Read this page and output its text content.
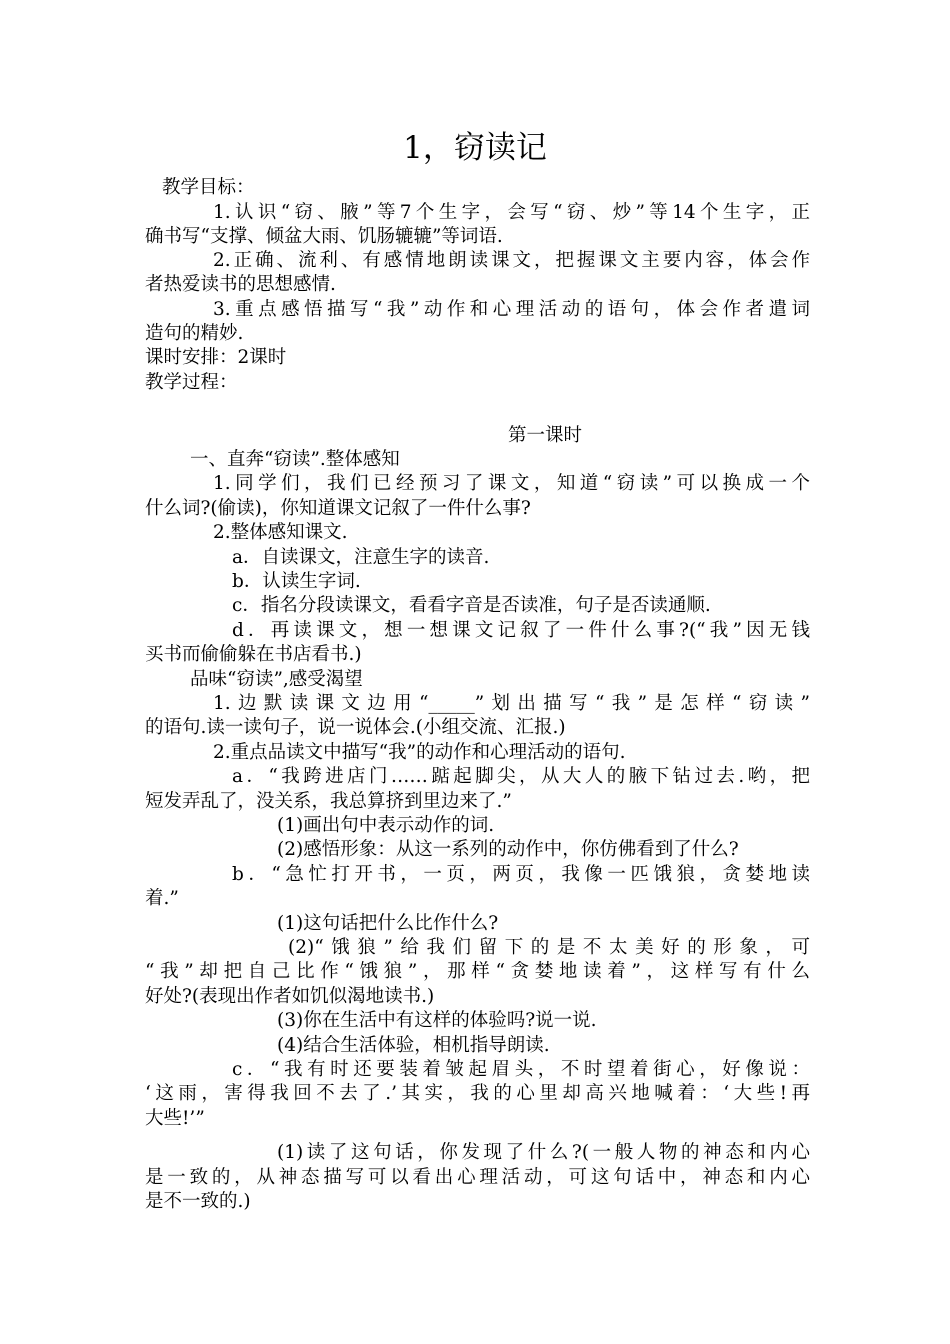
1，窃读记
教学目标：
1.认识“窃、腋”等7个生字，会写“窃、炒”等14个生字，正
确书写“支撑、倾盆大雨、饥肠辘辘”等词语.
2.正确、流利、有感情地朗读课文，把握课文主要内容，体会作
者热爱读书的思想感情.
3.重点感悟描写“我”动作和心理活动的语句，体会作者遣词
造句的精妙.
课时安排：2课时
教学过程：
第一课时
一、直奔“窃读”.整体感知
1.同学们，我们已经预习了课文，知道“窃读”可以换成一个
什么词?(偷读)，你知道课文记叙了一件什么事?
2.整体感知课文.
a．自读课文，注意生字的读音.
b．认读生字词.
c．指名分段读课文，看看字音是否读准，句子是否读通顺.
d．再读课文，想一想课文记叙了一件什么事?(“我”因无钱
买书而偷偷躲在书店看书.)
品味“窃读”,感受渴望
1.边默读课文边用“_____”划出描写“我”是怎样“窃读”
的语句.读一读句子，说一说体会.(小组交流、汇报.)
2.重点品读文中描写“我”的动作和心理活动的语句.
a．“我跨进店门……踮起脚尖，从大人的腋下钻过去.哟，把
短发弄乱了，没关系，我总算挤到里边来了.”
(1)画出句中表示动作的词.
(2)感悟形象：从这一系列的动作中，你仿佛看到了什么?
b．“急忙打开书，一页，两页，我像一匹饿狼，贪婪地读
着.”
(1)这句话把什么比作什么?
(2)“饿狼”给我们留下的是不太美好的形象，可
“我”却把自己比作“饿狼”，那样“贪婪地读着”，这样写有什么
好处?(表现出作者如饥似渴地读书.)
(3)你在生活中有这样的体验吗?说一说.
(4)结合生活体验，相机指导朗读.
c．“我有时还要装着皱起眉头，不时望着街心，好像说：
‘这雨，害得我回不去了.’其实，我的心里却高兴地喊着：‘大些!再
大些!’”
(1)读了这句话，你发现了什么?(一般人物的神态和内心
是一致的，从神态描写可以看出心理活动，可这句话中，神态和内心
是不一致的.)
